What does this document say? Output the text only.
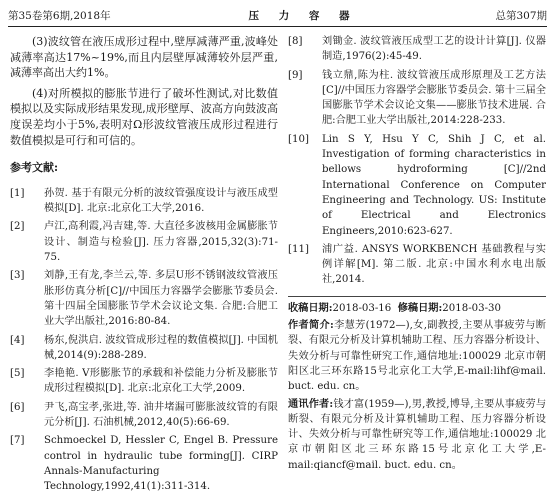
第35卷第6期,2018年	压 力 容 器	总第307期

(3)波纹管在液压成形过程中,壁厚减薄严重,波峰处减薄率高达17%~19%,而且内层壁厚减薄较外层严重,减薄率高出大约1%。

(4)对所模拟的膨胀节进行了破坏性测试,对比数值模拟以及实际成形结果发现,成形壁厚、波高方向鼓波高度误差均小于5%,表明对Ω形波纹管液压成形过程进行数值模拟是可行和可信的。

参考文献:
[1]	孙贺. 基于有限元分析的波纹管强度设计与液压成型模拟[D]. 北京:北京化工大学,2016.
[2]	卢江,高利霞,冯吉建,等. 大直径多波核用金属膨胀节设计、制造与检验[J]. 压力容器,2015,32(3):71-75.
[3]	刘静,王有龙,李兰云,等. 多层U形不锈钢波纹管液压胀形仿真分析[C]//中国压力容器学会膨胀节委员会. 第十四届全国膨胀节学术会议论文集. 合肥:合肥工业大学出版社,2016:80-84.
[4]	杨东,倪洪启. 波纹管成形过程的数值模拟[J]. 中国机械,2014(9):288-289.
[5]	李艳艳. V形膨胀节的承载和补偿能力分析及膨胀节成形过程模拟[D]. 北京:北京化工大学,2009.
[6]	尹飞,高宝孝,张进,等. 油井堵漏可膨胀波纹管的有限元分析[J]. 石油机械,2012,40(5):66-69.
[7]	Schmoeckel D, Hessler C, Engel B. Pressure control in hydraulic tube forming[J]. CIRP Annals-Manufacturing Technology,1992,41(1):311-314.
[8]	刘锄金. 波纹管液压成型工艺的设计计算[J]. 仪器制造,1976(2):45-49.
[9]	钱立鼎,陈为柱. 波纹管液压成形原理及工艺方法[C]//中国压力容器学会膨胀节委员会. 第十三届全国膨胀节学术会议论文集——膨胀节技术进展. 合肥:合肥工业大学出版社,2014:228-233.
[10]	Lin S Y, Hsu Y C, Shih J C, et al. Investigation of forming characteristics in bellows hydroforming [C]//2nd International Conference on Computer Engineering and Technology. US: Institute of Electrical and Electronics Engineers,2010:623-627.
[11]	浦广益. ANSYS WORKBENCH 基础教程与实例详解[M]. 第二版. 北京:中国水利水电出版社,2014.
收稿日期:2018-03-16 修稿日期:2018-03-30
作者简介:李慧芳(1972—),女,副教授,主要从事疲劳与断裂、有限元分析及计算机辅助工程、压力容器分析设计、失效分析与可靠性研究工作,通信地址:100029 北京市朝阳区北三环东路15号北京化工大学,E-mail:lihf@mail. buct. edu. cn。
通讯作者:钱才富(1959—),男,教授,博导,主要从事疲劳与断裂、有限元分析及计算机辅助工程、压力容器分析设计、失效分析与可靠性研究等工作,通信地址:100029 北京市朝阳区北三环东路15号北京化工大学,E-mail:qiancf@mail. buct. edu. cn。
